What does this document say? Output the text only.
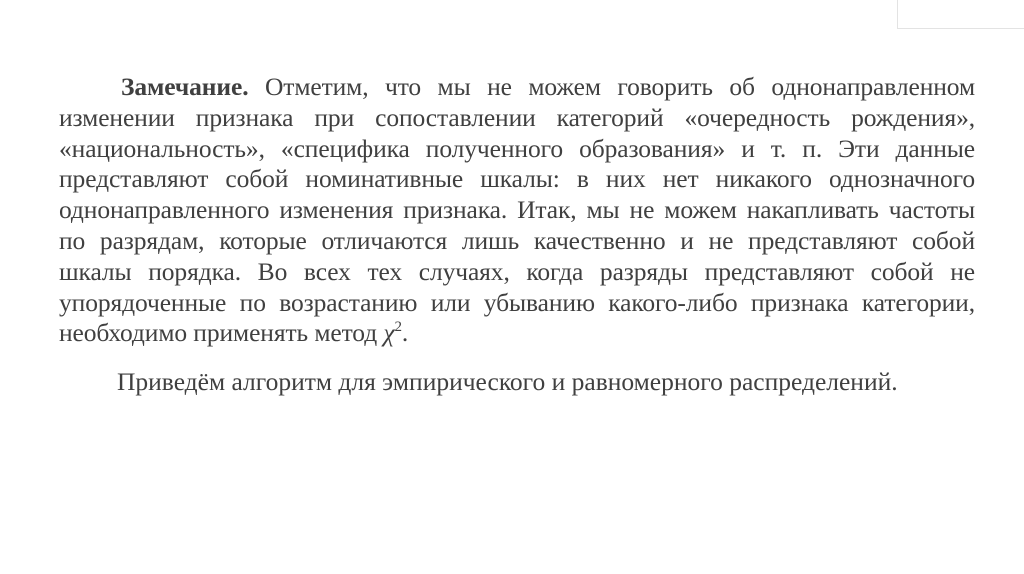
Замечание. Отметим, что мы не можем говорить об однонаправленном изменении признака при сопоставлении категорий «очередность рождения», «национальность», «специфика полученного образования» и т. п. Эти данные представляют собой номинативные шкалы: в них нет никакого однозначного однонаправленного изменения признака. Итак, мы не можем накапливать частоты по разрядам, которые отличаются лишь качественно и не представляют собой шкалы порядка. Во всех тех случаях, когда разряды представляют собой не упорядоченные по возрастанию или убыванию какого-либо признака категории, необходимо применять метод $\chi^2$.

Приведём алгоритм для эмпирического и равномерного распределений.
